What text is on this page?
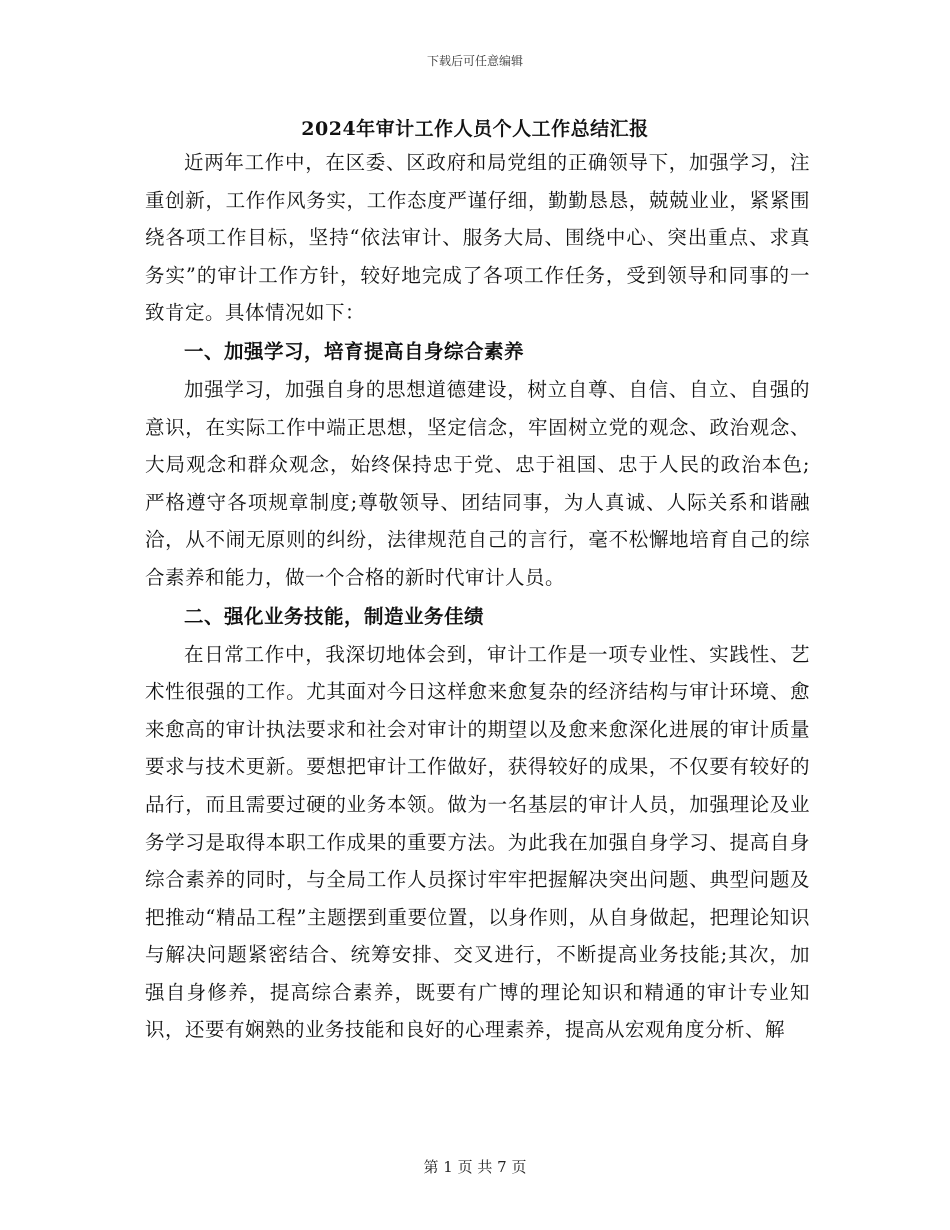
下载后可任意编辑
2024年审计工作人员个人工作总结汇报

近两年工作中，在区委、区政府和局党组的正确领导下，加强学习，注重创新，工作作风务实，工作态度严谨仔细，勤勤恳恳，兢兢业业，紧紧围绕各项工作目标，坚持“依法审计、服务大局、围绕中心、突出重点、求真务实”的审计工作方针，较好地完成了各项工作任务，受到领导和同事的一致肯定。具体情况如下：

一、加强学习，培育提高自身综合素养

加强学习，加强自身的思想道德建设，树立自尊、自信、自立、自强的意识，在实际工作中端正思想，坚定信念，牢固树立党的观念、政治观念、大局观念和群众观念，始终保持忠于党、忠于祖国、忠于人民的政治本色;严格遵守各项规章制度;尊敬领导、团结同事，为人真诚、人际关系和谐融洽，从不闹无原则的纠纷，法律规范自己的言行，毫不松懈地培育自己的综合素养和能力，做一个合格的新时代审计人员。

二、强化业务技能，制造业务佳绩

在日常工作中，我深切地体会到，审计工作是一项专业性、实践性、艺术性很强的工作。尤其面对今日这样愈来愈复杂的经济结构与审计环境、愈来愈高的审计执法要求和社会对审计的期望以及愈来愈深化进展的审计质量要求与技术更新。要想把审计工作做好，获得较好的成果，不仅要有较好的品行，而且需要过硬的业务本领。做为一名基层的审计人员，加强理论及业务学习是取得本职工作成果的重要方法。为此我在加强自身学习、提高自身综合素养的同时，与全局工作人员探讨牢牢把握解决突出问题、典型问题及把推动“精品工程”主题摆到重要位置，以身作则，从自身做起，把理论知识与解决问题紧密结合、统筹安排、交叉进行，不断提高业务技能;其次，加强自身修养，提高综合素养，既要有广博的理论知识和精通的审计专业知识，还要有娴熟的业务技能和良好的心理素养，提高从宏观角度分析、解

第 1 页 共 7 页
